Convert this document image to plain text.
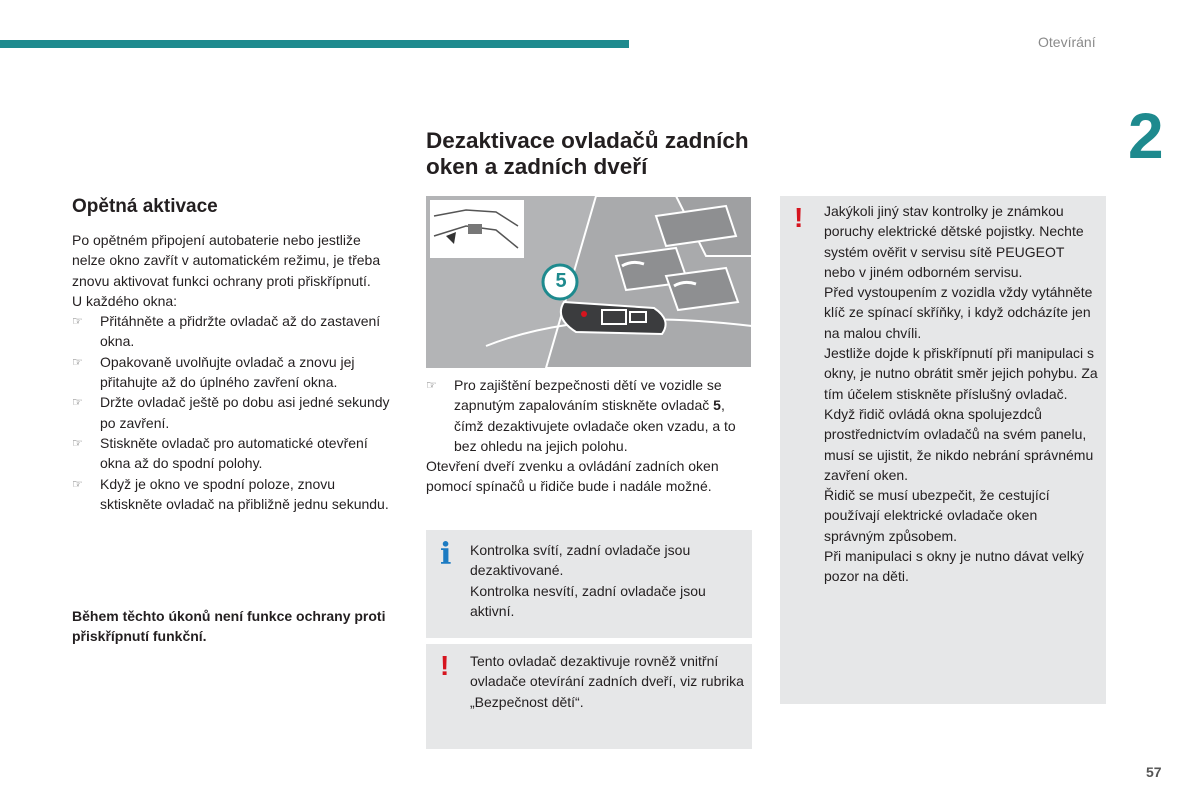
Otevírání
2
57
Opětná aktivace

Po opětném připojení autobaterie nebo jestliže nelze okno zavřít v automatickém režimu, je třeba znovu aktivovat funkci ochrany proti přiskřípnutí.

U každého okna:

☞ Přitáhněte a přidržte ovladač až do zastavení okna.
☞ Opakovaně uvolňujte ovladač a znovu jej přitahujte až do úplného zavření okna.
☞ Držte ovladač ještě po dobu asi jedné sekundy po zavření.
☞ Stiskněte ovladač pro automatické otevření okna až do spodní polohy.
☞ Když je okno ve spodní poloze, znovu sktiskněte ovladač na přibližně jednu sekundu.
Během těchto úkonů není funkce ochrany proti přiskřípnutí funkční.
Dezaktivace ovladačů zadních oken a zadních dveří
5
☞ Pro zajištění bezpečnosti dětí ve vozidle se zapnutým zapalováním stiskněte ovladač 5, čímž dezaktivujete ovladače oken vzadu, a to bez ohledu na jejich polohu.

Otevření dveří zvenku a ovládání zadních oken pomocí spínačů u řidiče bude i nadále možné.

i Kontrolka svítí, zadní ovladače jsou dezaktivované.
Kontrolka nesvítí, zadní ovladače jsou aktivní.
! Tento ovladač dezaktivuje rovněž vnitřní ovladače otevírání zadních dveří, viz rubrika „Bezpečnost dětí“.
! Jakýkoli jiný stav kontrolky je známkou poruchy elektrické dětské pojistky. Nechte systém ověřit v servisu sítě PEUGEOT nebo v jiném odborném servisu.
Před vystoupením z vozidla vždy vytáhněte klíč ze spínací skříňky, i když odcházíte jen na malou chvíli.
Jestliže dojde k přiskřípnutí při manipulaci s okny, je nutno obrátit směr jejich pohybu. Za tím účelem stiskněte příslušný ovladač.
Když řidič ovládá okna spolujezdců prostřednictvím ovladačů na svém panelu, musí se ujistit, že nikdo nebrání správnému zavření oken.
Řidič se musí ubezpečit, že cestující používají elektrické ovladače oken správným způsobem.
Při manipulaci s okny je nutno dávat velký pozor na děti.
